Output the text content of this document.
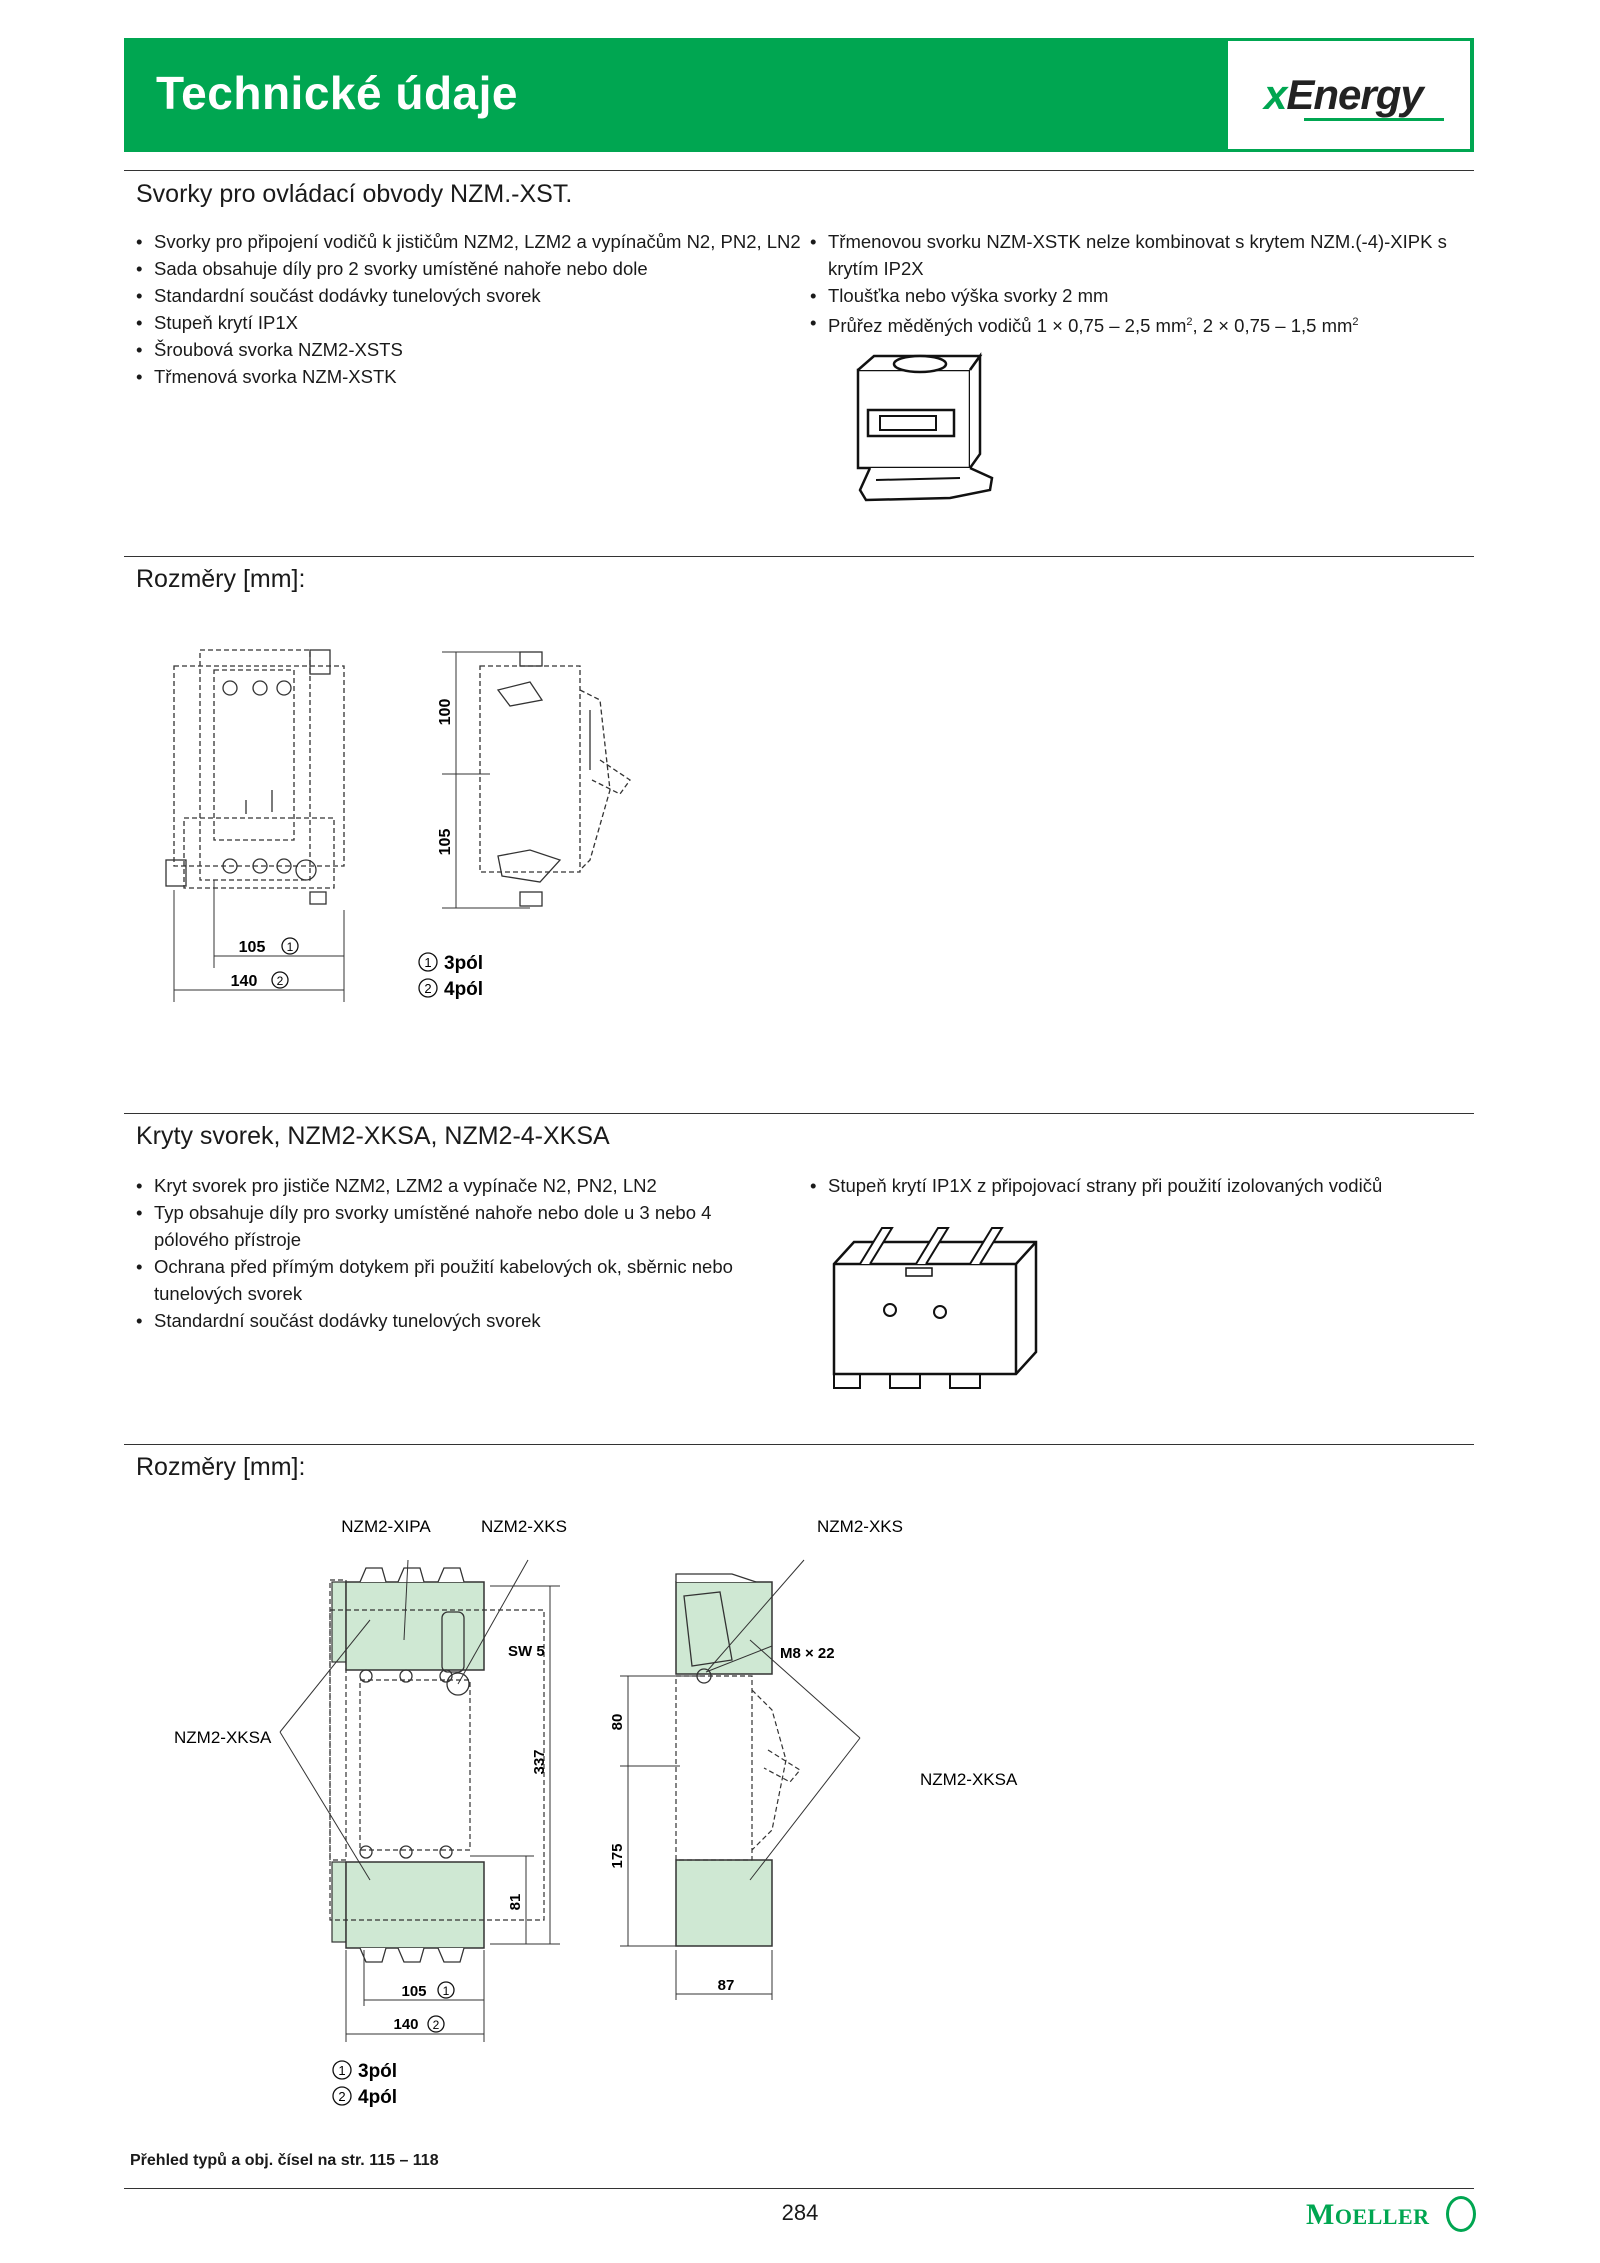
Technické údaje	xEnergy
Svorky pro ovládací obvody NZM.-XST.
• Svorky pro připojení vodičů k jističům NZM2, LZM2 a vypínačům N2, PN2, LN2
• Sada obsahuje díly pro 2 svorky umístěné nahoře nebo dole
• Standardní součást dodávky tunelových svorek
• Stupeň krytí IP1X
• Šroubová svorka NZM2-XSTS
• Třmenová svorka NZM-XSTK
• Třmenovou svorku NZM-XSTK nelze kombinovat s krytem NZM.(-4)-XIPK s krytím IP2X
• Tloušťka nebo výška svorky 2 mm
• Průřez měděných vodičů 1 × 0,75 – 2,5 $mm^2$, 2 × 0,75 – 1,5 $mm^2$
Rozměry [mm]:
105 1
140 2
100
105
1 3pól
2 4pól
Kryty svorek, NZM2-XKSA, NZM2-4-XKSA
• Kryt svorek pro jističe NZM2, LZM2 a vypínače N2, PN2, LN2
• Typ obsahuje díly pro svorky umístěné nahoře nebo dole u 3 nebo 4 pólového přístroje
• Ochrana před přímým dotykem při použití kabelových ok, sběrnic nebo tunelových svorek
• Standardní součást dodávky tunelových svorek
• Stupeň krytí IP1X z připojovací strany při použití izolovaných vodičů
Rozměry [mm]:
NZM2-XIPA	NZM2-XKS
SW 5
NZM2-XKSA
337
81
105 1
140 2
NZM2-XKS
M8 × 22
NZM2-XKSA
80
175
87
1 3pól
2 4pól
Přehled typů a obj. čísel na str. 115 – 118
284	MOELLER
